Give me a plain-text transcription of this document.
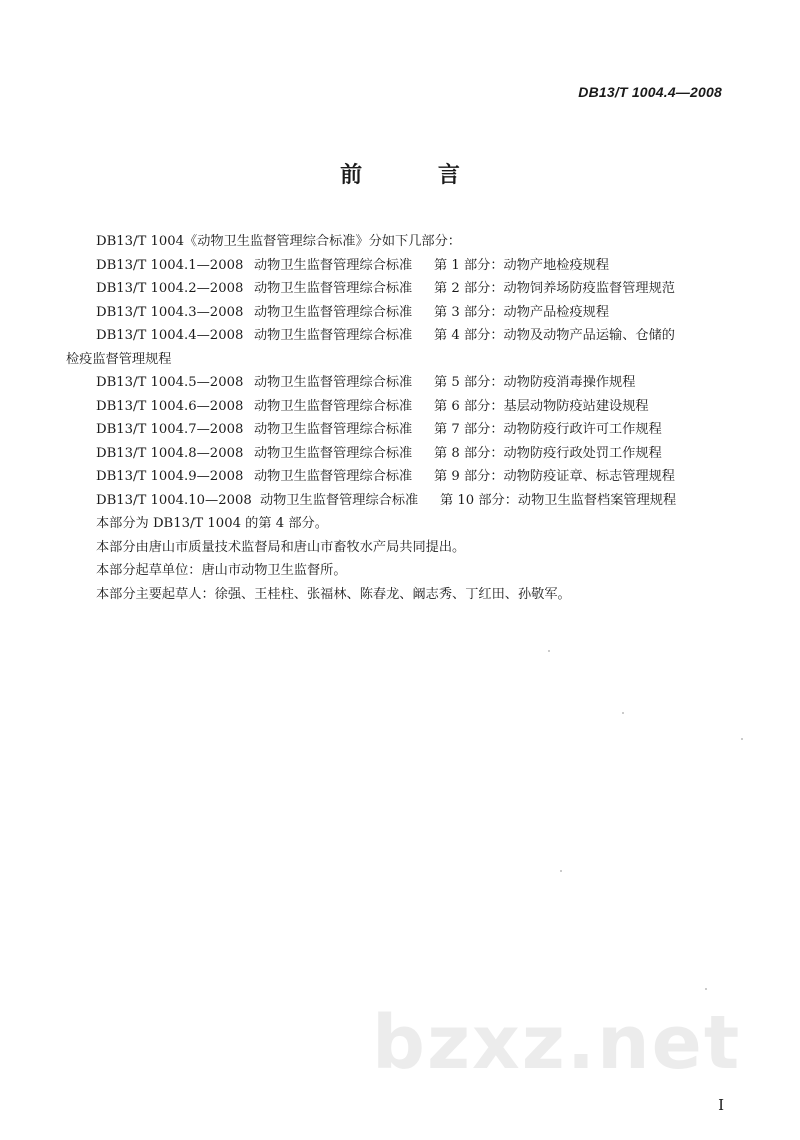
DB13/T 1004.4—2008
前 言
DB13/T 1004《动物卫生监督管理综合标准》分如下几部分：
DB13/T 1004.1—2008 动物卫生监督管理综合标准 第 1 部分：动物产地检疫规程
DB13/T 1004.2—2008 动物卫生监督管理综合标准 第 2 部分：动物饲养场防疫监督管理规范
DB13/T 1004.3—2008 动物卫生监督管理综合标准 第 3 部分：动物产品检疫规程
DB13/T 1004.4—2008 动物卫生监督管理综合标准 第 4 部分：动物及动物产品运输、仓储的
检疫监督管理规程
DB13/T 1004.5—2008 动物卫生监督管理综合标准 第 5 部分：动物防疫消毒操作规程
DB13/T 1004.6—2008 动物卫生监督管理综合标准 第 6 部分：基层动物防疫站建设规程
DB13/T 1004.7—2008 动物卫生监督管理综合标准 第 7 部分：动物防疫行政许可工作规程
DB13/T 1004.8—2008 动物卫生监督管理综合标准 第 8 部分：动物防疫行政处罚工作规程
DB13/T 1004.9—2008 动物卫生监督管理综合标准 第 9 部分：动物防疫证章、标志管理规程
DB13/T 1004.10—2008 动物卫生监督管理综合标准 第 10 部分：动物卫生监督档案管理规程
本部分为 DB13/T 1004 的第 4 部分。
本部分由唐山市质量技术监督局和唐山市畜牧水产局共同提出。
本部分起草单位：唐山市动物卫生监督所。
本部分主要起草人：徐强、王桂柱、张福林、陈春龙、阚志秀、丁红田、孙敬军。
bzxz.net
I
